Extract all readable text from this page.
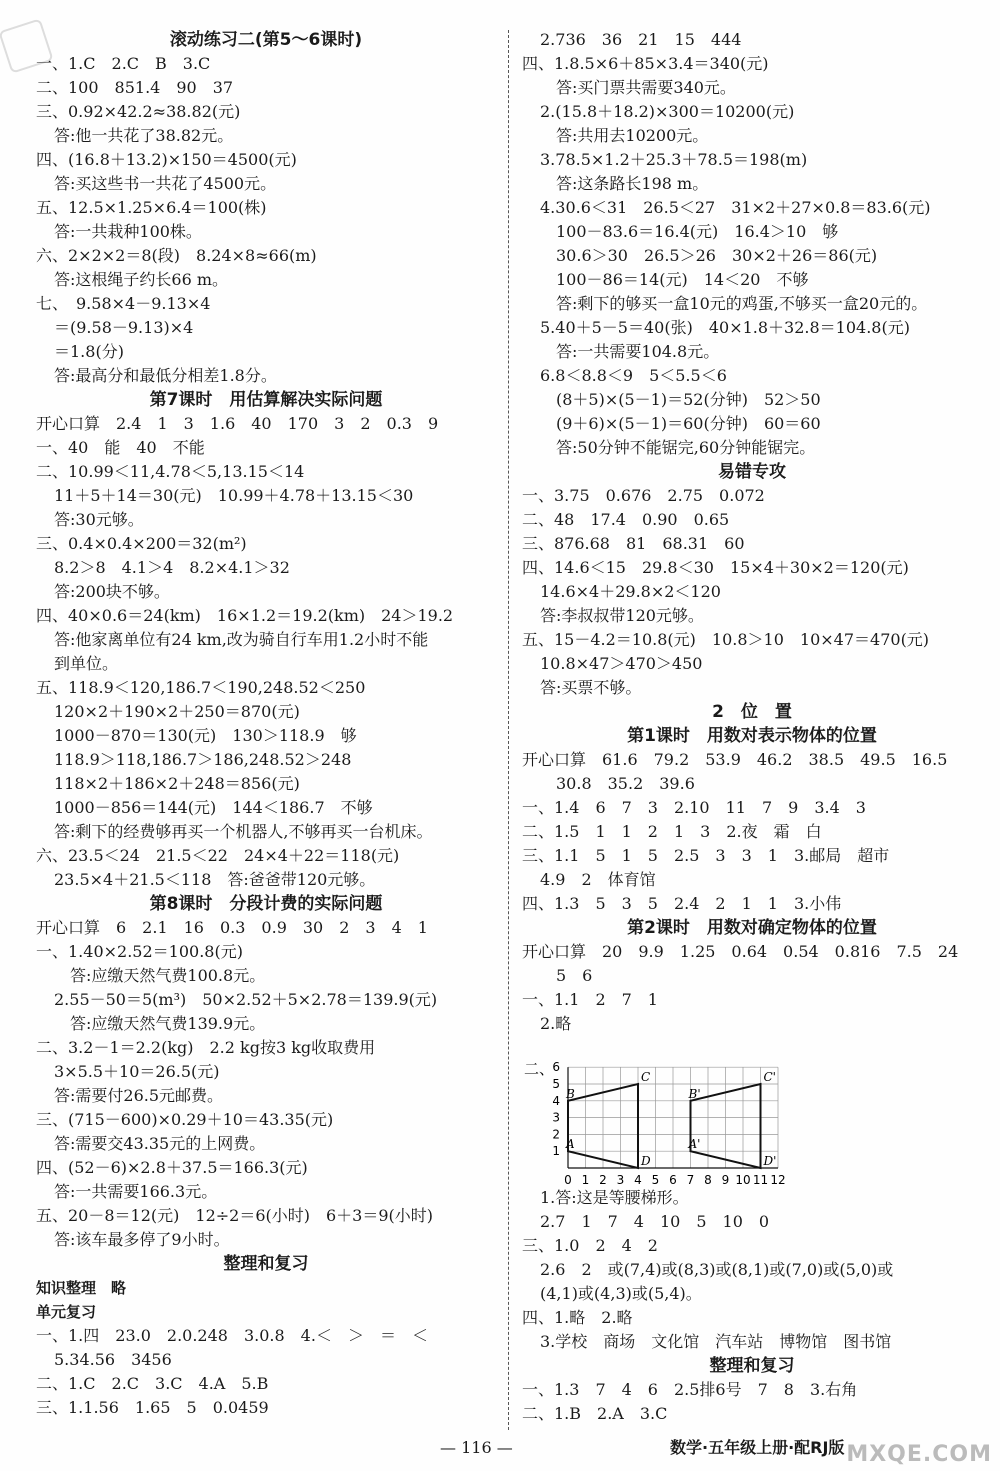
滚动练习二(第5～6课时)
一、1.C　2.C　B　3.C
二、100　851.4　90　37
三、0.92×42.2≈38.82(元)
答:他一共花了38.82元。
四、(16.8＋13.2)×150＝4500(元)
答:买这些书一共花了4500元。
五、12.5×1.25×6.4＝100(株)
答:一共栽种100株。
六、2×2×2＝8(段)　8.24×8≈66(m)
答:这根绳子约长66 m。
七、　9.58×4－9.13×4
＝(9.58－9.13)×4
＝1.8(分)
答:最高分和最低分相差1.8分。
第7课时　用估算解决实际问题
开心口算　2.4　1　3　1.6　40　170　3　2　0.3　9
一、40　能　40　不能
二、10.99＜11,4.78＜5,13.15＜14
11＋5＋14＝30(元)　10.99＋4.78＋13.15＜30
答:30元够。
三、0.4×0.4×200＝32(m²)
8.2＞8　4.1＞4　8.2×4.1＞32
答:200块不够。
四、40×0.6＝24(km)　16×1.2＝19.2(km)　24＞19.2
答:他家离单位有24 km,改为骑自行车用1.2小时不能
到单位。
五、118.9＜120,186.7＜190,248.52＜250
120×2＋190×2＋250＝870(元)
1000－870＝130(元)　130＞118.9　够
118.9＞118,186.7＞186,248.52＞248
118×2＋186×2＋248＝856(元)
1000－856＝144(元)　144＜186.7　不够
答:剩下的经费够再买一个机器人,不够再买一台机床。
六、23.5＜24　21.5＜22　24×4＋22＝118(元)
23.5×4＋21.5＜118　答:爸爸带120元够。
第8课时　分段计费的实际问题
开心口算　6　2.1　16　0.3　0.9　30　2　3　4　1
一、1.40×2.52＝100.8(元)
答:应缴天然气费100.8元。
2.55－50＝5(m³)　50×2.52＋5×2.78＝139.9(元)
答:应缴天然气费139.9元。
二、3.2－1＝2.2(kg)　2.2 kg按3 kg收取费用
3×5.5＋10＝26.5(元)
答:需要付26.5元邮费。
三、(715－600)×0.29＋10＝43.35(元)
答:需要交43.35元的上网费。
四、(52－6)×2.8＋37.5＝166.3(元)
答:一共需要166.3元。
五、20－8＝12(元)　12÷2＝6(小时)　6＋3＝9(小时)
答:该车最多停了9小时。
整理和复习
知识整理　略
单元复习
一、1.四　23.0　2.0.248　3.0.8　4.＜　＞　＝　＜
5.34.56　3456
二、1.C　2.C　3.C　4.A　5.B
三、1.1.56　1.65　5　0.0459
2.736　36　21　15　444
四、1.8.5×6＋85×3.4＝340(元)
答:买门票共需要340元。
2.(15.8＋18.2)×300＝10200(元)
答:共用去10200元。
3.78.5×1.2＋25.3＋78.5＝198(m)
答:这条路长198 m。
4.30.6＜31　26.5＜27　31×2＋27×0.8＝83.6(元)
100－83.6＝16.4(元)　16.4＞10　够
30.6＞30　26.5＞26　30×2＋26＝86(元)
100－86＝14(元)　14＜20　不够
答:剩下的够买一盒10元的鸡蛋,不够买一盒20元的。
5.40＋5－5＝40(张)　40×1.8＋32.8＝104.8(元)
答:一共需要104.8元。
6.8＜8.8＜9　5＜5.5＜6
(8＋5)×(5－1)＝52(分钟)　52＞50
(9＋6)×(5－1)＝60(分钟)　60＝60
答:50分钟不能锯完,60分钟能锯完。
易错专攻
一、3.75　0.676　2.75　0.072
二、48　17.4　0.90　0.65
三、876.68　81　68.31　60
四、14.6＜15　29.8＜30　15×4＋30×2＝120(元)
14.6×4＋29.8×2＜120
答:李叔叔带120元够。
五、15－4.2＝10.8(元)　10.8＞10　10×47＝470(元)
10.8×47＞470＞450
答:买票不够。
2　位　置
第1课时　用数对表示物体的位置
开心口算　61.6　79.2　53.9　46.2　38.5　49.5　16.5
30.8　35.2　39.6
一、1.4　6　7　3　2.10　11　7　9　3.4　3
二、1.5　1　1　2　1　3　2.夜　霜　白
三、1.1　5　1　5　2.5　3　3　1　3.邮局　超市
4.9　2　体育馆
四、1.3　5　3　5　2.4　2　1　1　3.小伟
第2课时　用数对确定物体的位置
开心口算　20　9.9　1.25　0.64　0.54　0.816　7.5　24
5　6
一、1.1　2　7　1
2.略
1.答:这是等腰梯形。
2.7　1　7　4　10　5　10　0
三、1.0　2　4　2
2.6　2　或(7,4)或(8,3)或(8,1)或(7,0)或(5,0)或
(4,1)或(4,3)或(5,4)。
四、1.略　2.略
3.学校　商场　文化馆　汽车站　博物馆　图书馆
整理和复习
一、1.3　7　4　6　2.5排6号　7　8　3.右角
二、1.B　2.A　3.C
二、
0 1 2 3 4 5 6 7 8 9 10 11 12
1
2
3
4
5
6
A
B
C
D
A'
B'
C'
D'
— 116 —	数学·五年级上册·配RJ版 MXQE.COM
